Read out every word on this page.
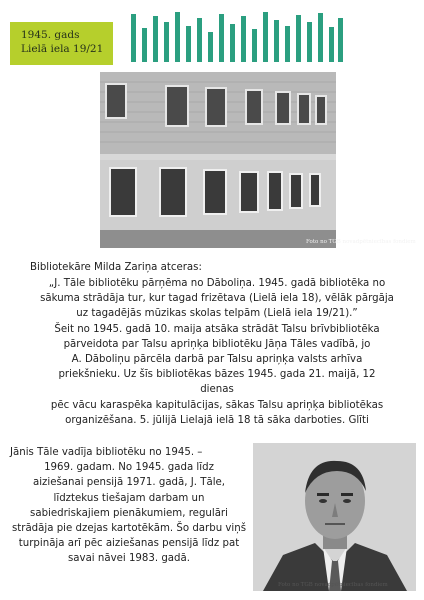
1945. gads
Lielā iela 19/21
Foto no TGB novadpētniecības fondiem
Bibliotekāre Milda Zariņa atceras:
„J. Tāle bibliotēku pārņēma no Dāboliņa. 1945. gadā bibliotēka no
sākuma strādāja tur, kur tagad frizētava (Lielā iela 18), vēlāk pārgāja
uz tagadējās mūzikas skolas telpām (Lielā iela 19/21).”
Šeit no 1945. gadā 10. maija atsāka strādāt Talsu brīvbibliotēka
pārveidota par Talsu apriņķa bibliotēku Jāņa Tāles vadībā, jo
A. Dāboliņu pārcēla darbā par Talsu apriņķa valsts arhīva
priekšnieku. Uz šīs bibliotēkas bāzes 1945. gada 21. maijā, 12
dienas
pēc vācu karaspēka kapitulācijas, sākas Talsu apriņķa bibliotēkas
organizēšana. 5. jūlijā Lielajā ielā 18 tā sāka darboties. Glīti
Jānis Tāle vadīja bibliotēku no 1945. –
1969. gadam. No 1945. gada līdz
aiziešanai pensijā 1971. gadā, J. Tāle,
līdztekus tiešajam darbam un
sabiedriskajiem pienākumiem, regulāri
strādāja pie dzejas kartotēkām. Šo darbu viņš
turpināja arī pēc aiziešanas pensijā līdz pat
savai nāvei 1983. gadā.
Foto no TGB novadpētniecības fondiem
